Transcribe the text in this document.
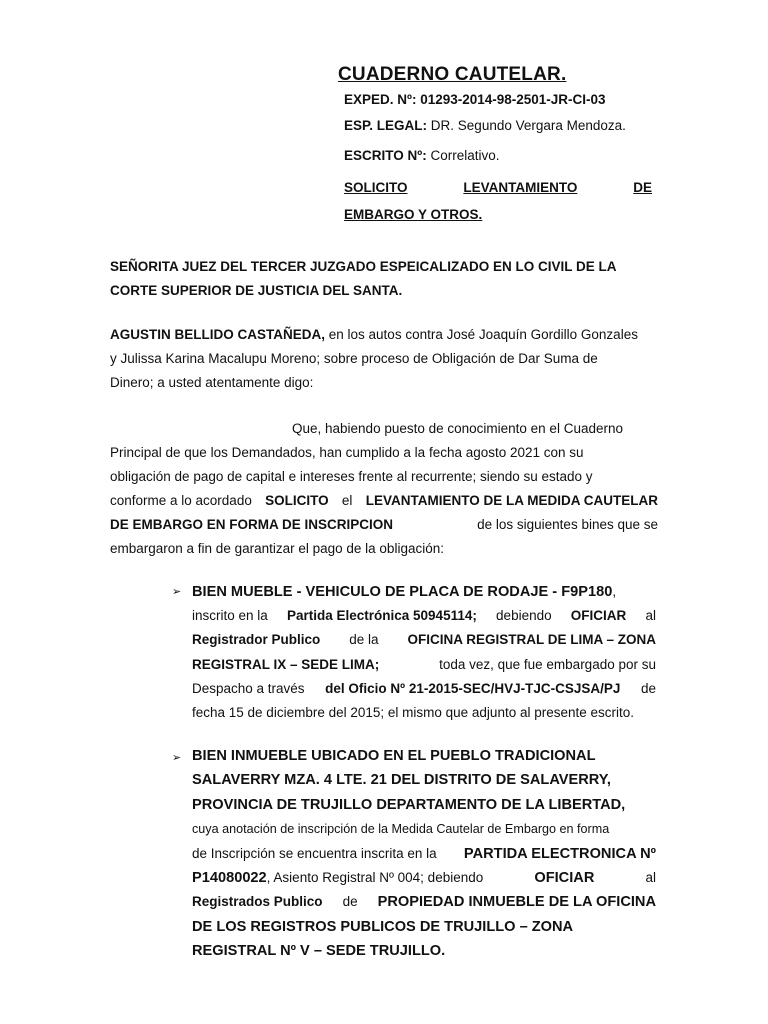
CUADERNO CAUTELAR.
EXPED. Nº: 01293-2014-98-2501-JR-CI-03
ESP. LEGAL: DR. Segundo Vergara Mendoza.
ESCRITO Nº: Correlativo.
SOLICITO	LEVANTAMIENTO	DE
EMBARGO Y OTROS.
SEÑORITA JUEZ DEL TERCER JUZGADO ESPEICALIZADO EN LO CIVIL DE LA
CORTE SUPERIOR DE JUSTICIA DEL SANTA.
AGUSTIN BELLIDO CASTAÑEDA, en los autos contra José Joaquín Gordillo Gonzales
y Julissa Karina Macalupu Moreno; sobre proceso de Obligación de Dar Suma de
Dinero; a usted atentamente digo:
Que, habiendo puesto de conocimiento en el Cuaderno
Principal de que los Demandados, han cumplido a la fecha agosto 2021 con su
obligación de pago de capital e intereses frente al recurrente; siendo su estado y
conforme a lo acordado SOLICITO el LEVANTAMIENTO DE LA MEDIDA CAUTELAR
DE EMBARGO EN FORMA DE INSCRIPCION	de los siguientes bines que se
embargaron a fin de garantizar el pago de la obligación:
➢ BIEN MUEBLE - VEHICULO DE PLACA DE RODAJE - F9P180,
inscrito en la Partida Electrónica 50945114; debiendo OFICIAR al
Registrador Publico de la OFICINA REGISTRAL DE LIMA – ZONA
REGISTRAL IX – SEDE LIMA;	toda vez, que fue embargado por su
Despacho a través del Oficio Nº 21-2015-SEC/HVJ-TJC-CSJSA/PJ de
fecha 15 de diciembre del 2015; el mismo que adjunto al presente escrito.
➢ BIEN INMUEBLE UBICADO EN EL PUEBLO TRADICIONAL
SALAVERRY MZA. 4 LTE. 21 DEL DISTRITO DE SALAVERRY,
PROVINCIA DE TRUJILLO DEPARTAMENTO DE LA LIBERTAD,
cuya anotación de inscripción de la Medida Cautelar de Embargo en forma
de Inscripción se encuentra inscrita en la PARTIDA ELECTRONICA Nº
P14080022, Asiento Registral Nº 004; debiendo	OFICIAR	al
Registrados Publico de PROPIEDAD INMUEBLE DE LA OFICINA
DE LOS REGISTROS PUBLICOS DE TRUJILLO – ZONA
REGISTRAL Nº V – SEDE TRUJILLO.
